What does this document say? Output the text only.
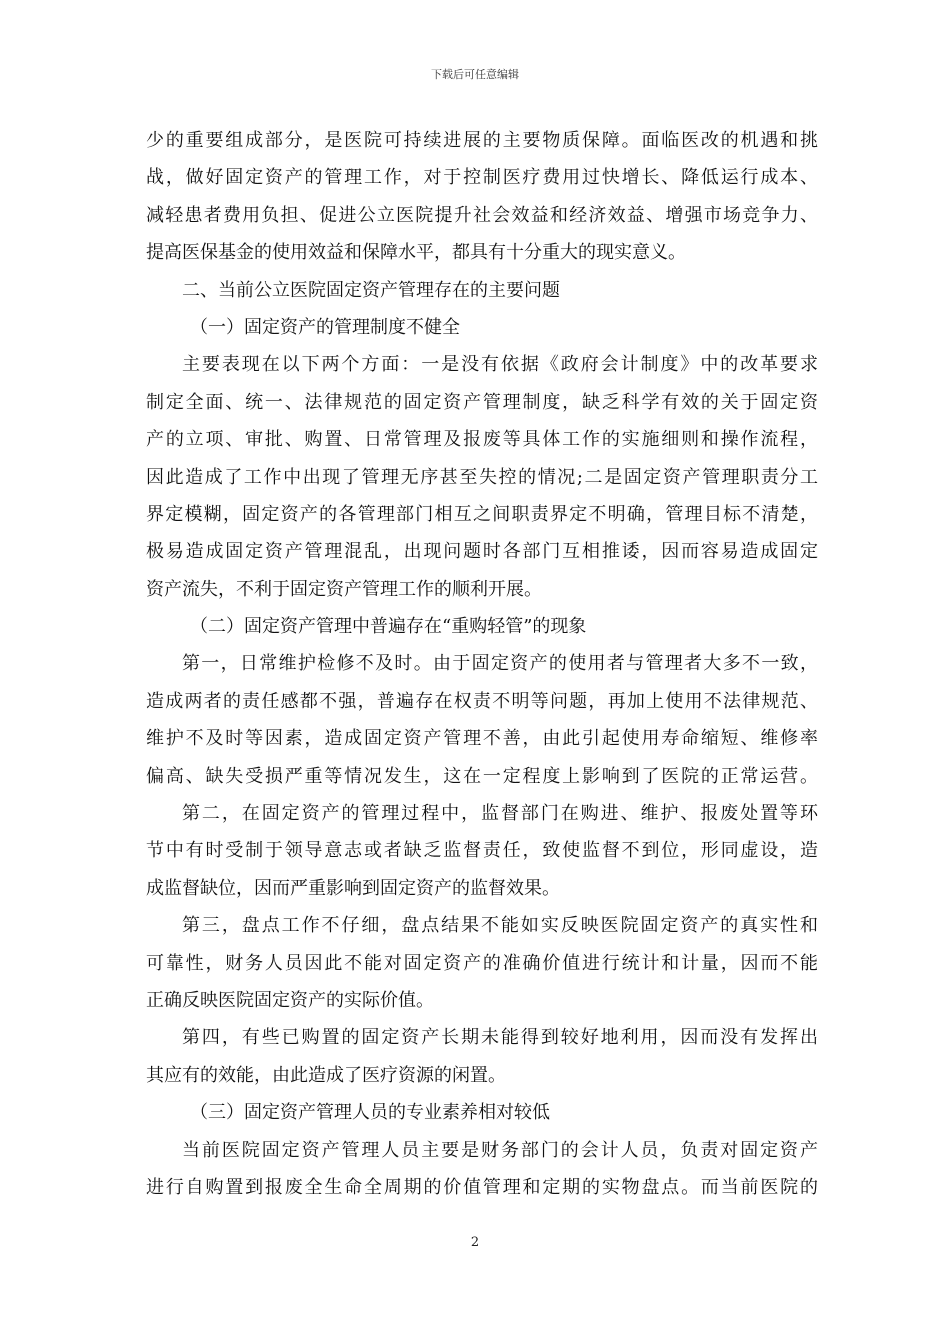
下载后可任意编辑
少的重要组成部分，是医院可持续进展的主要物质保障。面临医改的机遇和挑
战，做好固定资产的管理工作，对于控制医疗费用过快增长、降低运行成本、
减轻患者费用负担、促进公立医院提升社会效益和经济效益、增强市场竞争力、
提高医保基金的使用效益和保障水平，都具有十分重大的现实意义。
二、当前公立医院固定资产管理存在的主要问题
（一）固定资产的管理制度不健全
主要表现在以下两个方面：一是没有依据《政府会计制度》中的改革要求
制定全面、统一、法律规范的固定资产管理制度，缺乏科学有效的关于固定资
产的立项、审批、购置、日常管理及报废等具体工作的实施细则和操作流程，
因此造成了工作中出现了管理无序甚至失控的情况;二是固定资产管理职责分工
界定模糊，固定资产的各管理部门相互之间职责界定不明确，管理目标不清楚，
极易造成固定资产管理混乱，出现问题时各部门互相推诿，因而容易造成固定
资产流失，不利于固定资产管理工作的顺利开展。
（二）固定资产管理中普遍存在“重购轻管”的现象
第一，日常维护检修不及时。由于固定资产的使用者与管理者大多不一致，
造成两者的责任感都不强，普遍存在权责不明等问题，再加上使用不法律规范、
维护不及时等因素，造成固定资产管理不善，由此引起使用寿命缩短、维修率
偏高、缺失受损严重等情况发生，这在一定程度上影响到了医院的正常运营。
第二，在固定资产的管理过程中，监督部门在购进、维护、报废处置等环
节中有时受制于领导意志或者缺乏监督责任，致使监督不到位，形同虚设，造
成监督缺位，因而严重影响到固定资产的监督效果。
第三，盘点工作不仔细，盘点结果不能如实反映医院固定资产的真实性和
可靠性，财务人员因此不能对固定资产的准确价值进行统计和计量，因而不能
正确反映医院固定资产的实际价值。
第四，有些已购置的固定资产长期未能得到较好地利用，因而没有发挥出
其应有的效能，由此造成了医疗资源的闲置。
（三）固定资产管理人员的专业素养相对较低
当前医院固定资产管理人员主要是财务部门的会计人员，负责对固定资产
进行自购置到报废全生命全周期的价值管理和定期的实物盘点。而当前医院的
2
